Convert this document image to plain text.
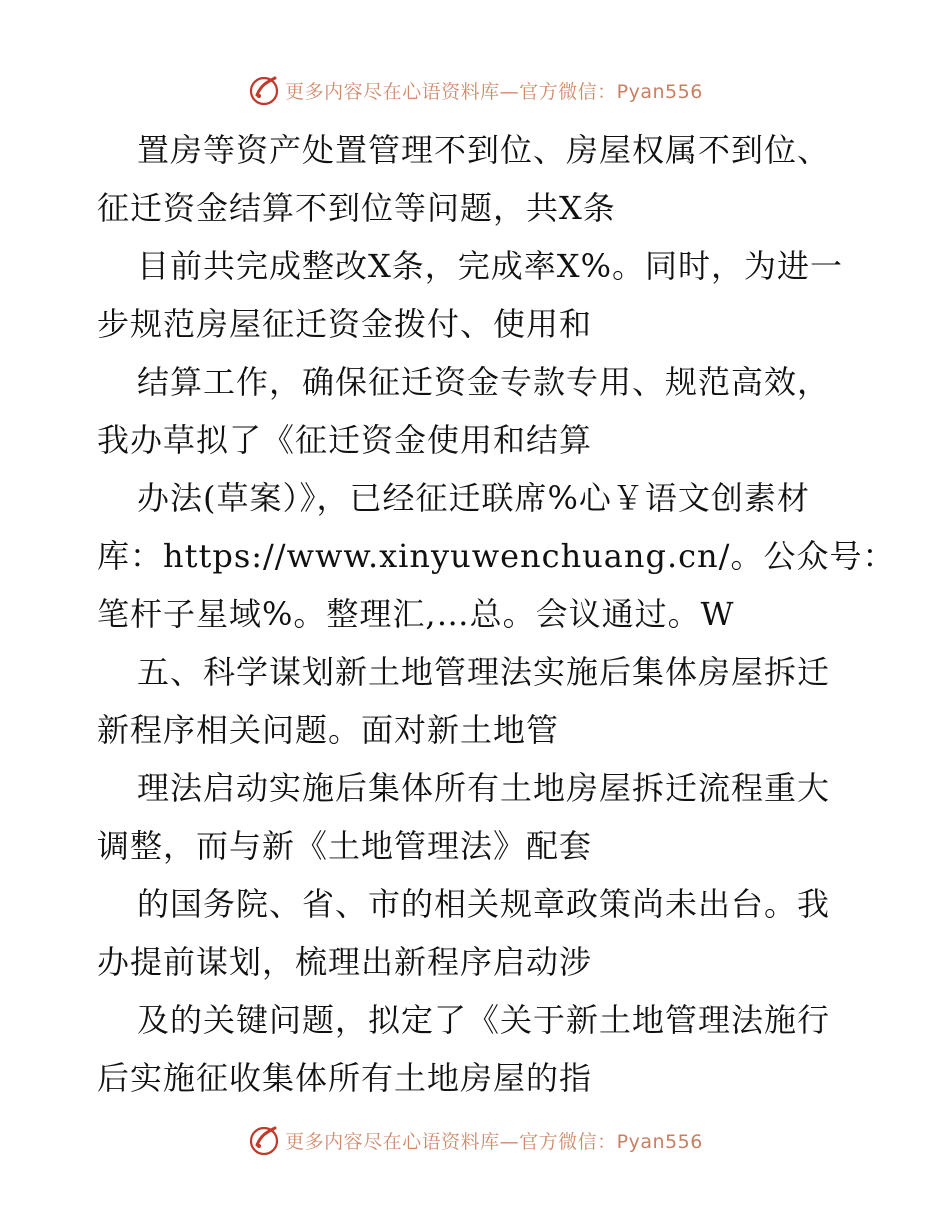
更多内容尽在心语资料库—官方微信：Pyan556
置房等资产处置管理不到位、房屋权属不到位、
征迁资金结算不到位等问题，共X条
目前共完成整改X条，完成率X%。同时，为进一
步规范房屋征迁资金拨付、使用和
结算工作，确保征迁资金专款专用、规范高效，
我办草拟了《征迁资金使用和结算
办法(草案）》，已经征迁联席%心￥语文创素材
库：https://www.xinyuwenchuang.cn/。公众号：
笔杆子星域%。整理汇,…总。会议通过。W
五、科学谋划新土地管理法实施后集体房屋拆迁
新程序相关问题。面对新土地管
理法启动实施后集体所有土地房屋拆迁流程重大
调整，而与新《土地管理法》配套
的国务院、省、市的相关规章政策尚未出台。我
办提前谋划，梳理出新程序启动涉
及的关键问题，拟定了《关于新土地管理法施行
后实施征收集体所有土地房屋的指
更多内容尽在心语资料库—官方微信：Pyan556
